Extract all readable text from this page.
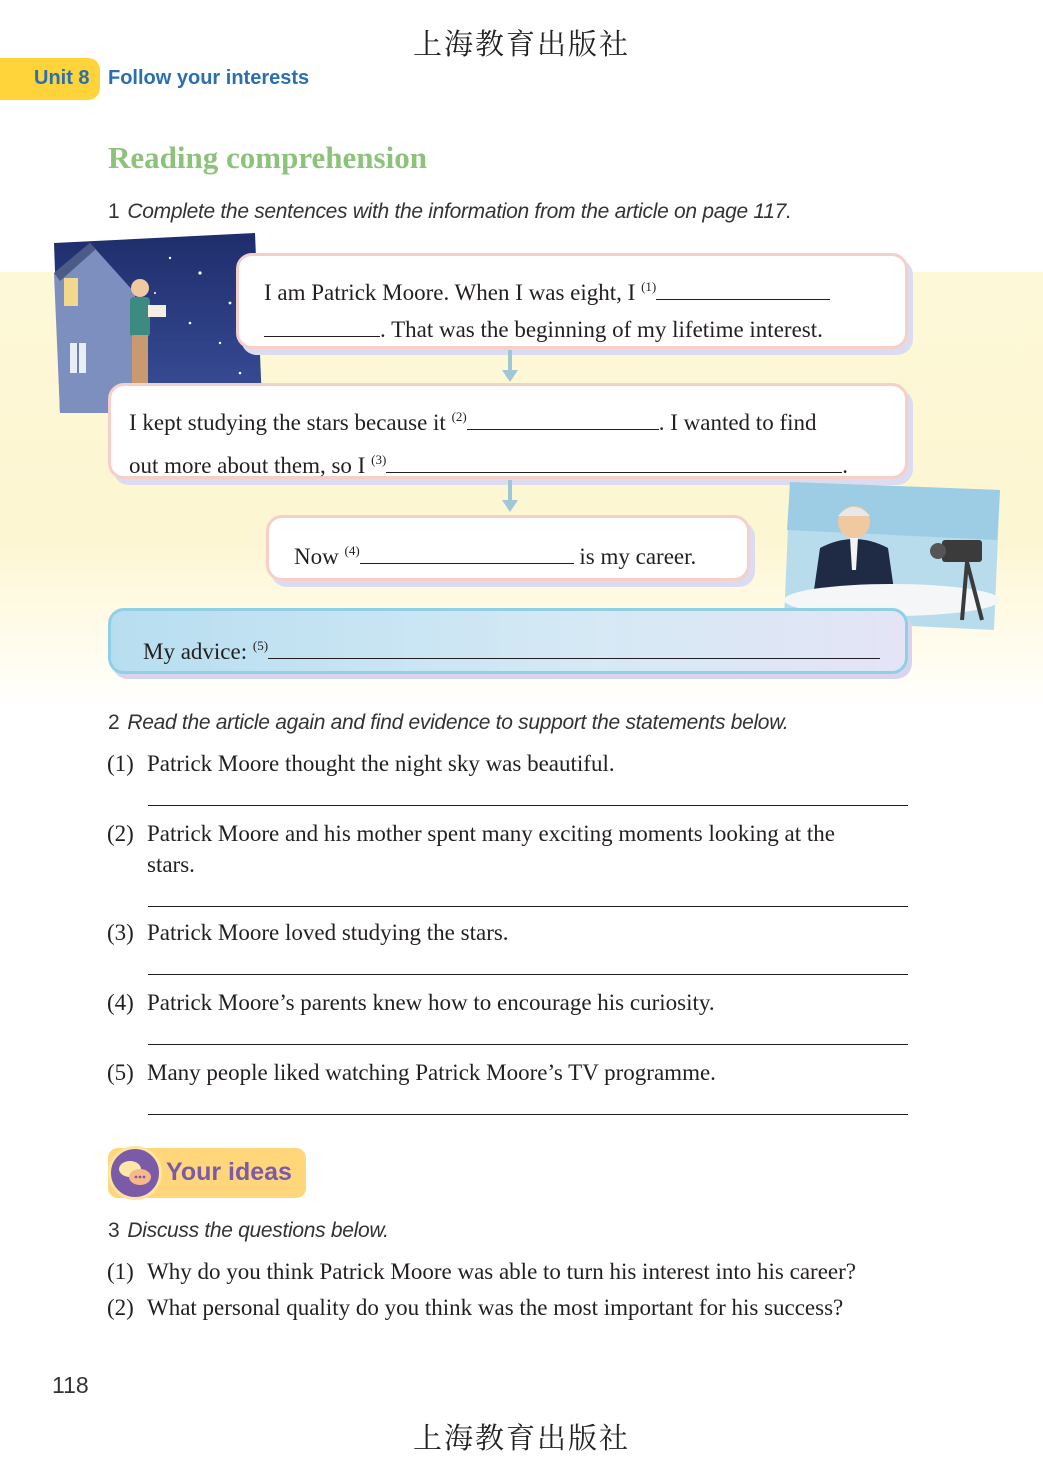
上海教育出版社
Unit 8 Follow your interests
Reading comprehension
1 Complete the sentences with the information from the article on page 117.
I am Patrick Moore. When I was eight, I $^{(1)}$
. That was the beginning of my lifetime interest.
I kept studying the stars because it $^{(2)}$	. I wanted to find
out more about them, so I $^{(3)}$	.
Now $^{(4)}$	is my career.
My advice: $^{(5)}$
2 Read the article again and find evidence to support the statements below.
(1) Patrick Moore thought the night sky was beautiful.
(2) Patrick Moore and his mother spent many exciting moments looking at the
stars.
(3) Patrick Moore loved studying the stars.
(4) Patrick Moore’s parents knew how to encourage his curiosity.
(5) Many people liked watching Patrick Moore’s TV programme.
Your ideas
3 Discuss the questions below.
(1) Why do you think Patrick Moore was able to turn his interest into his career?
(2) What personal quality do you think was the most important for his success?
118
上海教育出版社
